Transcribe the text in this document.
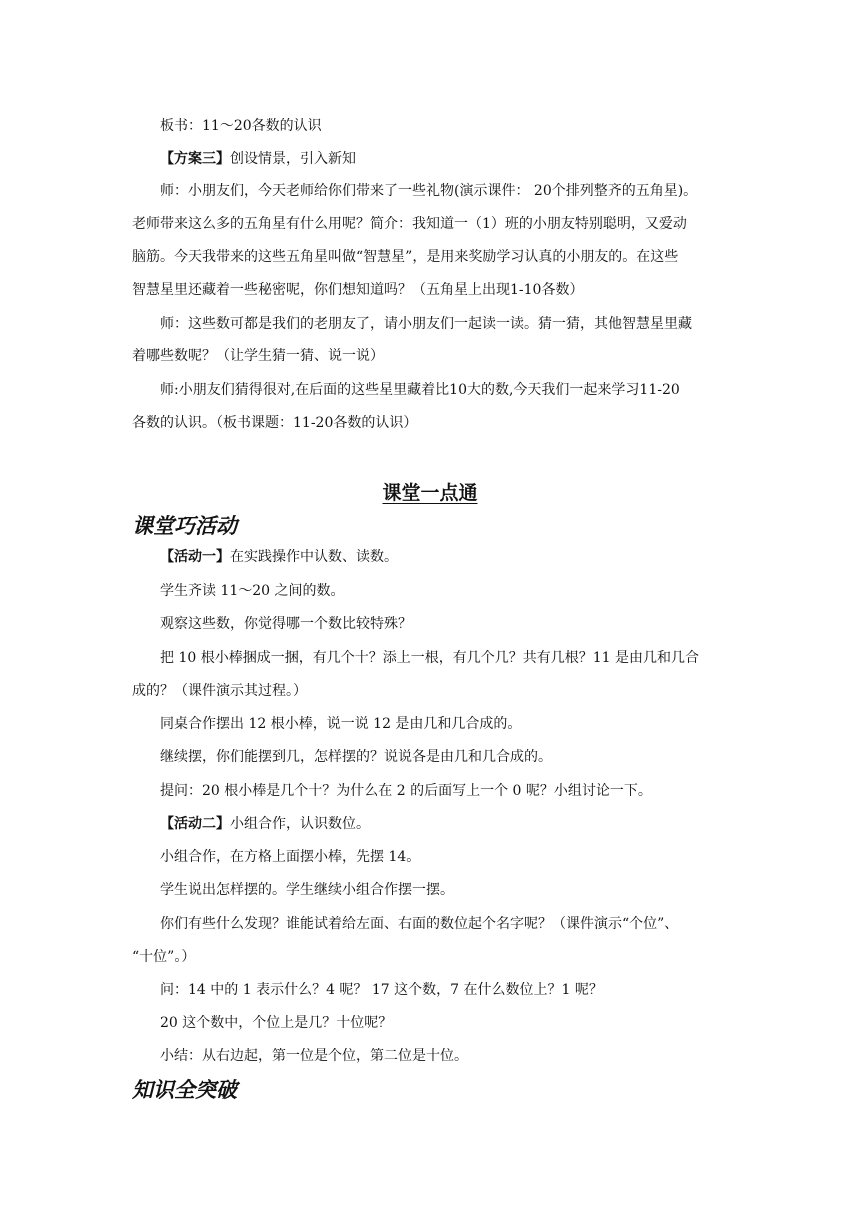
板书：11～20各数的认识
【方案三】创设情景，引入新知
师：小朋友们，今天老师给你们带来了一些礼物(演示课件： 20个排列整齐的五角星)。
老师带来这么多的五角星有什么用呢？简介：我知道一（1）班的小朋友特别聪明，又爱动
脑筋。今天我带来的这些五角星叫做“智慧星”，是用来奖励学习认真的小朋友的。在这些
智慧星里还藏着一些秘密呢，你们想知道吗？（五角星上出现1-10各数）
师：这些数可都是我们的老朋友了，请小朋友们一起读一读。猜一猜，其他智慧星里藏
着哪些数呢？（让学生猜一猜、说一说）
师:小朋友们猜得很对,在后面的这些星里藏着比10大的数,今天我们一起来学习11-20
各数的认识。（板书课题：11-20各数的认识）
课堂一点通
课堂巧活动
【活动一】在实践操作中认数、读数。
学生齐读 11～20 之间的数。
观察这些数，你觉得哪一个数比较特殊？
把 10 根小棒捆成一捆，有几个十？添上一根，有几个几？共有几根？11 是由几和几合
成的？（课件演示其过程。）
同桌合作摆出 12 根小棒，说一说 12 是由几和几合成的。
继续摆，你们能摆到几，怎样摆的？说说各是由几和几合成的。
提问：20 根小棒是几个十？为什么在 2 的后面写上一个 0 呢？小组讨论一下。
【活动二】小组合作，认识数位。
小组合作，在方格上面摆小棒，先摆 14。
学生说出怎样摆的。学生继续小组合作摆一摆。
你们有些什么发现？谁能试着给左面、右面的数位起个名字呢？（课件演示“个位”、
“十位”。）
问：14 中的 1 表示什么？4 呢？ 17 这个数，7 在什么数位上？1 呢？
20 这个数中，个位上是几？十位呢？
小结：从右边起，第一位是个位，第二位是十位。
知识全突破
